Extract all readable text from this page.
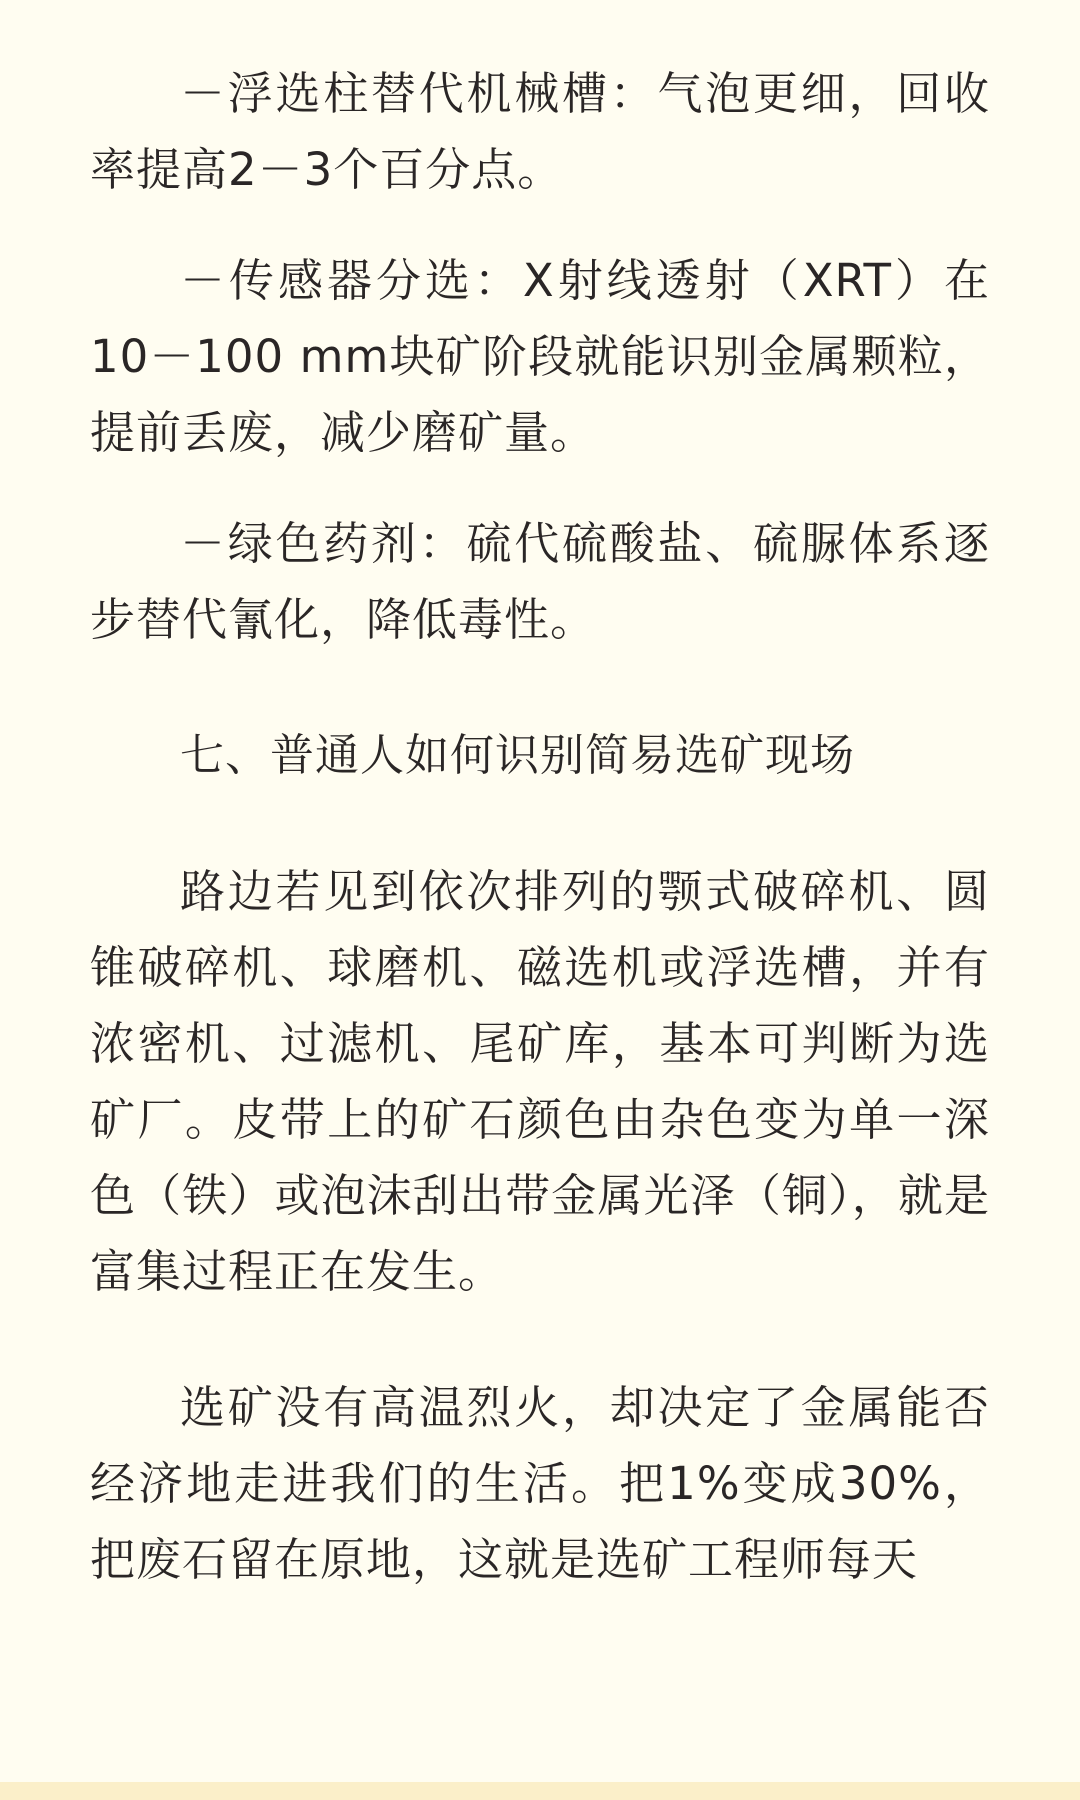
－浮选柱替代机械槽：气泡更细，回收率提高2－3个百分点。

－传感器分选：X射线透射（XRT）在10－100 mm块矿阶段就能识别金属颗粒，提前丢废，减少磨矿量。

－绿色药剂：硫代硫酸盐、硫脲体系逐步替代氰化，降低毒性。

七、普通人如何识别简易选矿现场

路边若见到依次排列的颚式破碎机、圆锥破碎机、球磨机、磁选机或浮选槽，并有浓密机、过滤机、尾矿库，基本可判断为选矿厂。皮带上的矿石颜色由杂色变为单一深色（铁）或泡沫刮出带金属光泽（铜），就是富集过程正在发生。

选矿没有高温烈火，却决定了金属能否经济地走进我们的生活。把1%变成30%，把废石留在原地，这就是选矿工程师每天
